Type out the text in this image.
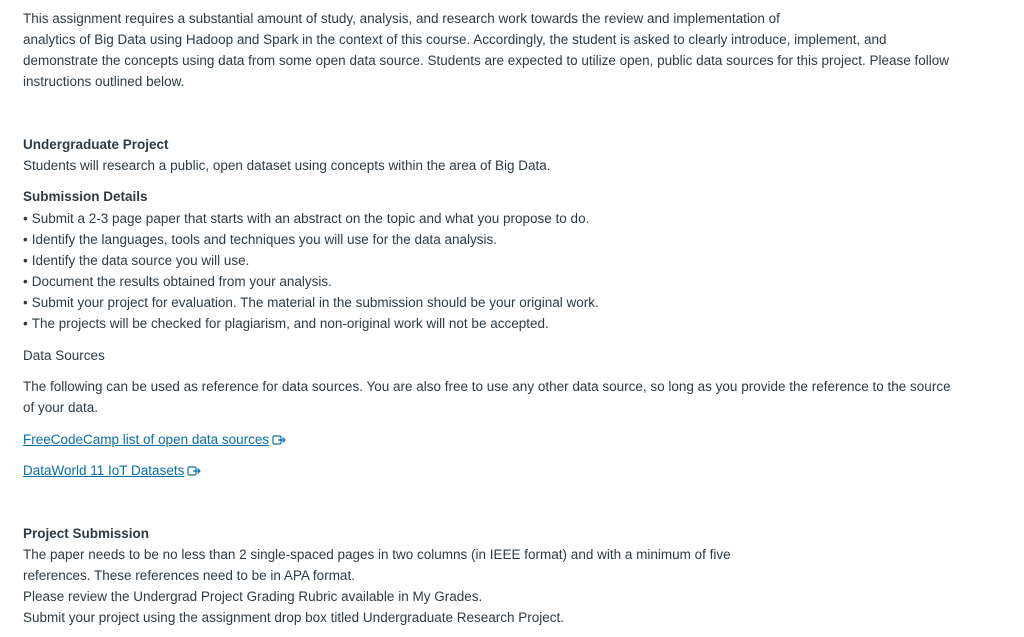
This assignment requires a substantial amount of study, analysis, and research work towards the review and implementation of
analytics of Big Data using Hadoop and Spark in the context of this course. Accordingly, the student is asked to clearly introduce, implement, and
demonstrate the concepts using data from some open data source. Students are expected to utilize open, public data sources for this project. Please follow
instructions outlined below.
Undergraduate Project
Students will research a public, open dataset using concepts within the area of Big Data.
Submission Details
• Submit a 2-3 page paper that starts with an abstract on the topic and what you propose to do.
• Identify the languages, tools and techniques you will use for the data analysis.
• Identify the data source you will use.
• Document the results obtained from your analysis.
• Submit your project for evaluation. The material in the submission should be your original work.
• The projects will be checked for plagiarism, and non-original work will not be accepted.
Data Sources
The following can be used as reference for data sources. You are also free to use any other data source, so long as you provide the reference to the source
of your data.
FreeCodeCamp list of open data sources
DataWorld 11 IoT Datasets
Project Submission
The paper needs to be no less than 2 single-spaced pages in two columns (in IEEE format) and with a minimum of five
references. These references need to be in APA format.
Please review the Undergrad Project Grading Rubric available in My Grades.
Submit your project using the assignment drop box titled Undergraduate Research Project.
